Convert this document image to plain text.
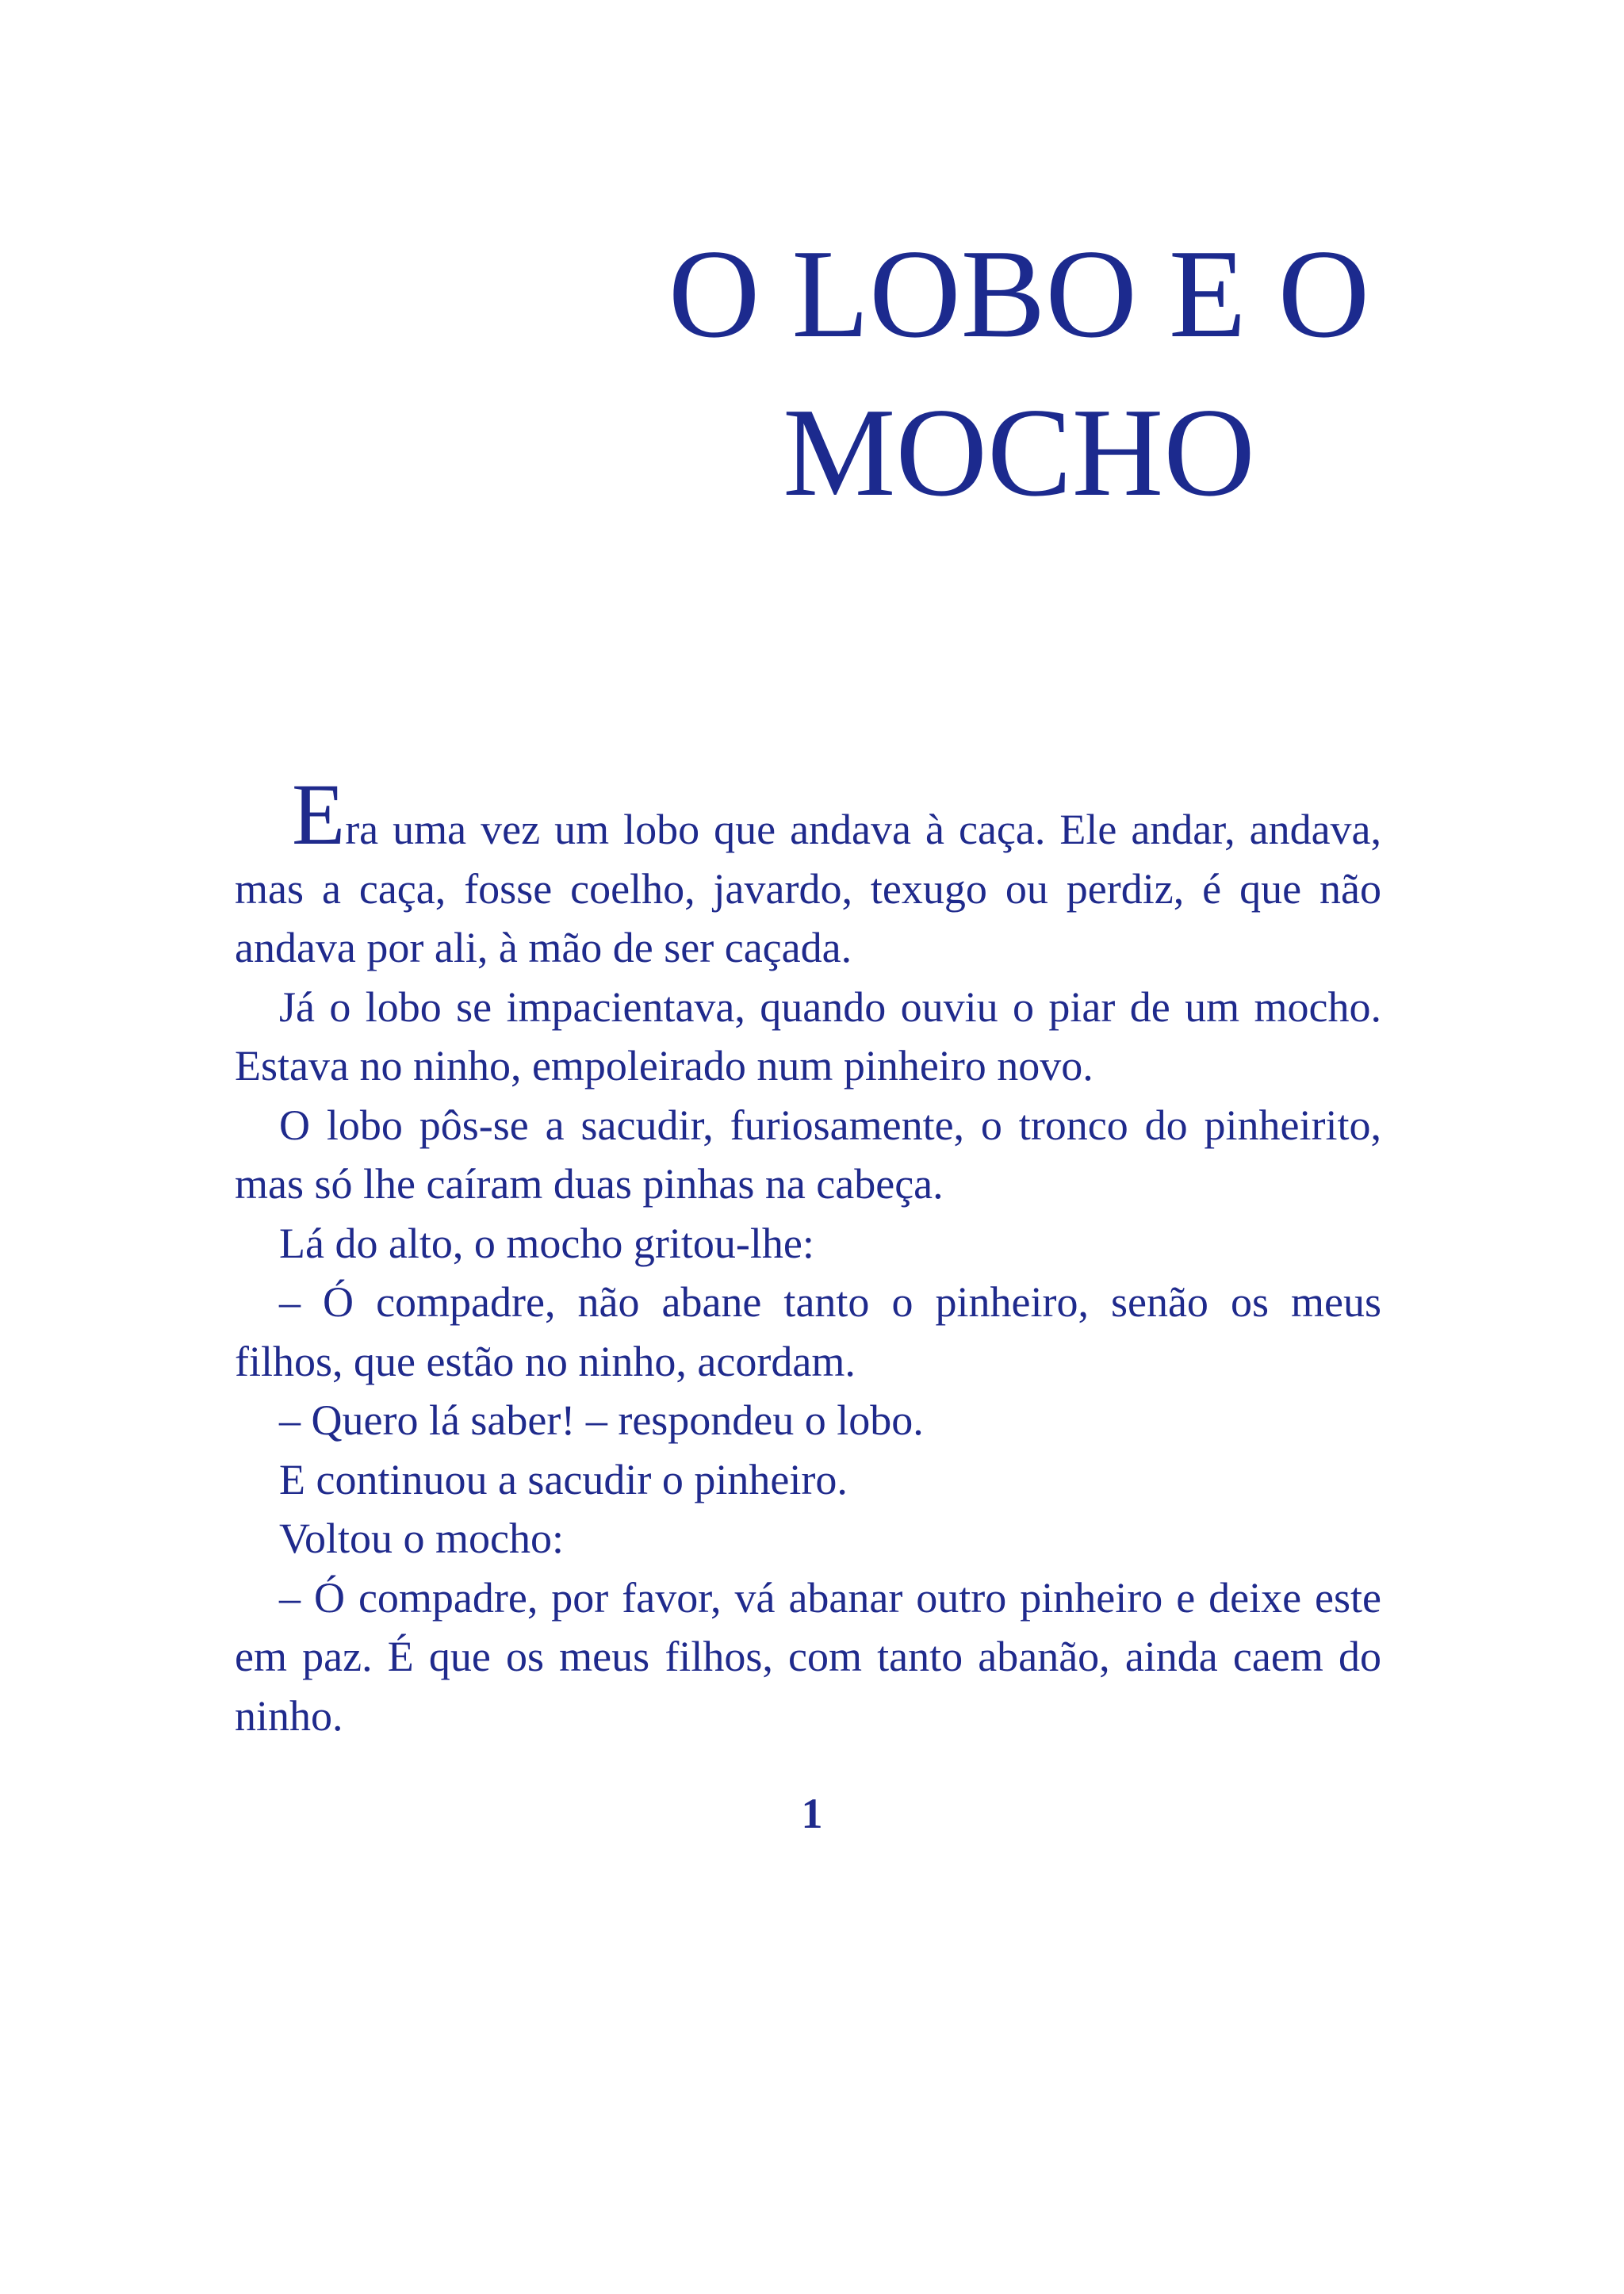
O LOBO E O
MOCHO

Era uma vez um lobo que andava à caça. Ele andar, andava, mas a caça, fosse coelho, javardo, texugo ou perdiz, é que não andava por ali, à mão de ser caçada.

Já o lobo se impacientava, quando ouviu o piar de um mocho. Estava no ninho, empoleirado num pinheiro novo.

O lobo pôs-se a sacudir, furiosamente, o tronco do pinheirito, mas só lhe caíram duas pinhas na cabeça.

Lá do alto, o mocho gritou-lhe:

– Ó compadre, não abane tanto o pinheiro, senão os meus filhos, que estão no ninho, acordam.

– Quero lá saber! – respondeu o lobo.

E continuou a sacudir o pinheiro.

Voltou o mocho:

– Ó compadre, por favor, vá abanar outro pinheiro e deixe este em paz. É que os meus filhos, com tanto abanão, ainda caem do ninho.

1
